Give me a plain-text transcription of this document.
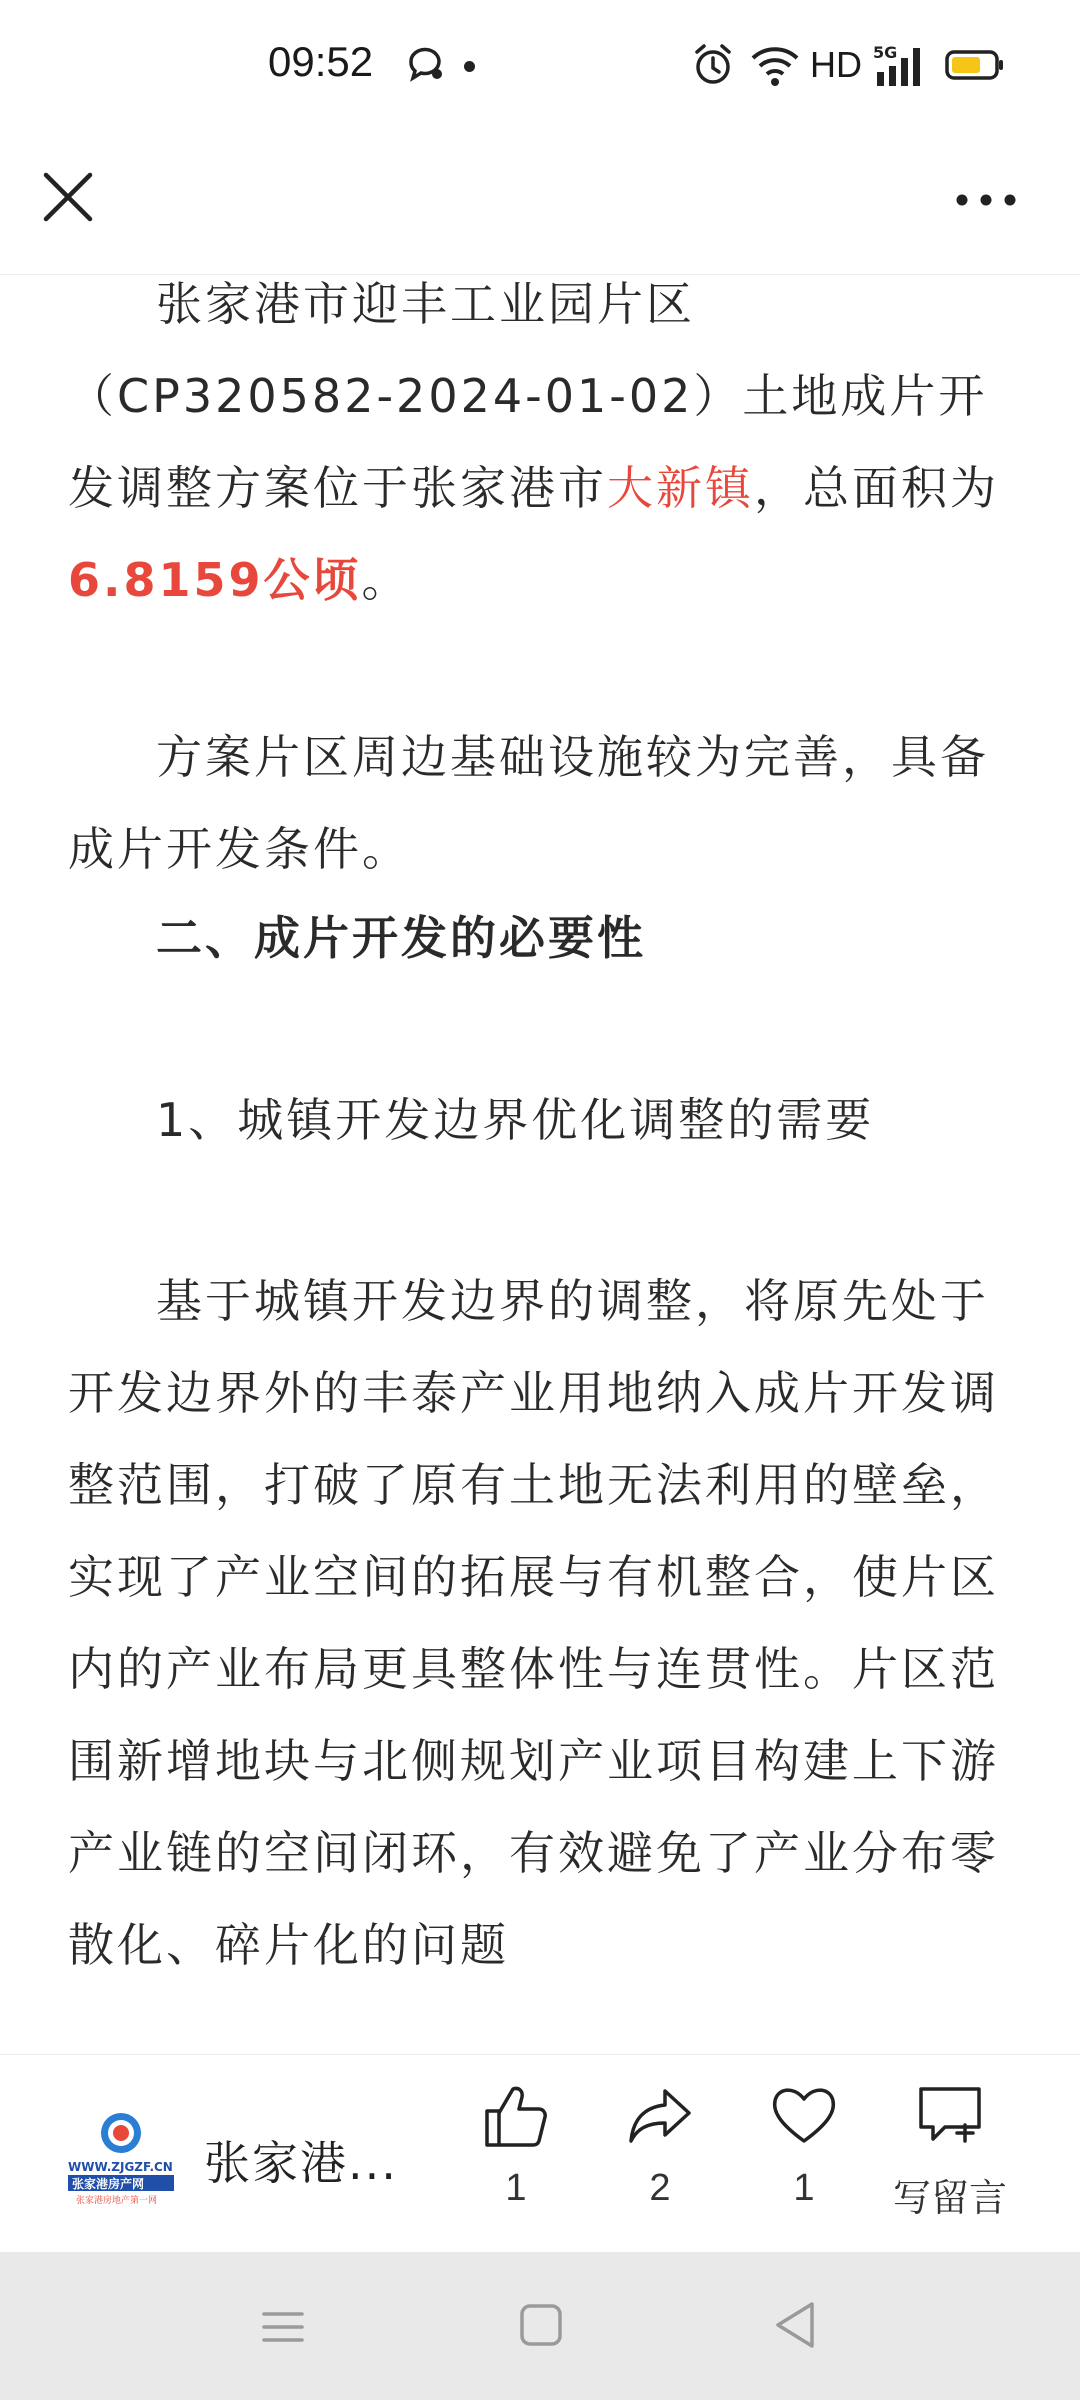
09:52	HD 5G
张家港市迎丰工业园片区（CP320582-2024-01-02）土地成片开发调整方案位于张家港市大新镇，总面积为6.8159公顷。
方案片区周边基础设施较为完善，具备成片开发条件。
二、成片开发的必要性
1、城镇开发边界优化调整的需要
基于城镇开发边界的调整，将原先处于开发边界外的丰泰产业用地纳入成片开发调整范围，打破了原有土地无法利用的壁垒，实现了产业空间的拓展与有机整合，使片区内的产业布局更具整体性与连贯性。片区范围新增地块与北侧规划产业项目构建上下游产业链的空间闭环，有效避免了产业分布零散化、碎片化的问题
WWW.ZJGZF.CN
张家港房产网
张家港房地产第一网
张家港...	1	2	1	写留言
